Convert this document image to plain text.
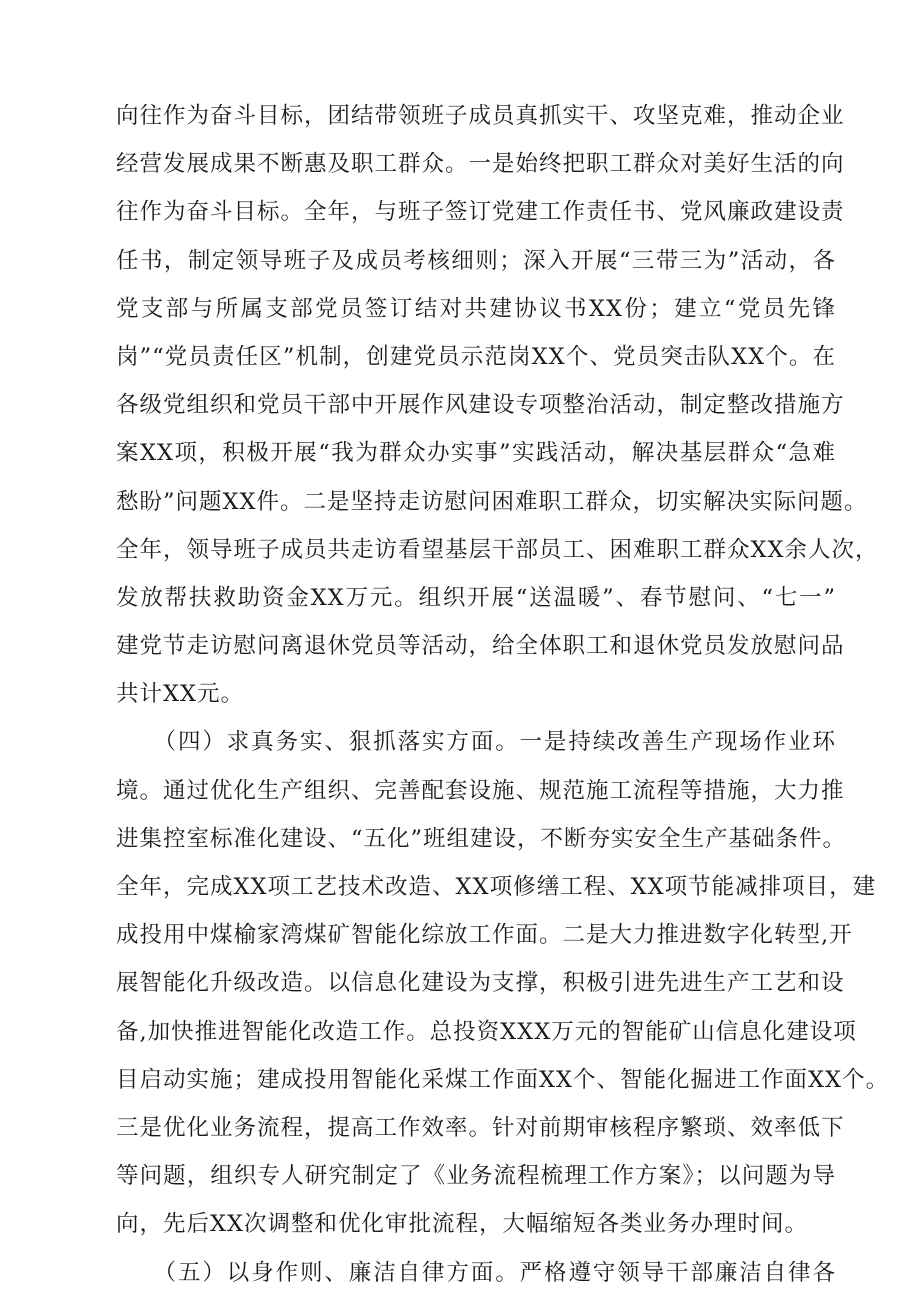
向往作为奋斗目标，团结带领班子成员真抓实干、攻坚克难，推动企业
经营发展成果不断惠及职工群众。一是始终把职工群众对美好生活的向
往作为奋斗目标。全年，与班子签订党建工作责任书、党风廉政建设责
任书，制定领导班子及成员考核细则；深入开展“三带三为”活动，各
党支部与所属支部党员签订结对共建协议书XX份；建立“党员先锋
岗”“党员责任区”机制，创建党员示范岗XX个、党员突击队XX个。在
各级党组织和党员干部中开展作风建设专项整治活动，制定整改措施方
案XX项，积极开展“我为群众办实事”实践活动，解决基层群众“急难
愁盼”问题XX件。二是坚持走访慰问困难职工群众，切实解决实际问题。
全年，领导班子成员共走访看望基层干部员工、困难职工群众XX余人次，
发放帮扶救助资金XX万元。组织开展“送温暖”、春节慰问、“七一”
建党节走访慰问离退休党员等活动，给全体职工和退休党员发放慰问品
共计XX元。
　　（四）求真务实、狠抓落实方面。一是持续改善生产现场作业环
境。通过优化生产组织、完善配套设施、规范施工流程等措施，大力推
进集控室标准化建设、“五化”班组建设，不断夯实安全生产基础条件。
全年，完成XX项工艺技术改造、XX项修缮工程、XX项节能减排项目，建
成投用中煤榆家湾煤矿智能化综放工作面。二是大力推进数字化转型,开
展智能化升级改造。以信息化建设为支撑，积极引进先进生产工艺和设
备,加快推进智能化改造工作。总投资XXX万元的智能矿山信息化建设项
目启动实施；建成投用智能化采煤工作面XX个、智能化掘进工作面XX个。
三是优化业务流程，提高工作效率。针对前期审核程序繁琐、效率低下
等问题，组织专人研究制定了《业务流程梳理工作方案》；以问题为导
向，先后XX次调整和优化审批流程，大幅缩短各类业务办理时间。
　　（五）以身作则、廉洁自律方面。严格遵守领导干部廉洁自律各
